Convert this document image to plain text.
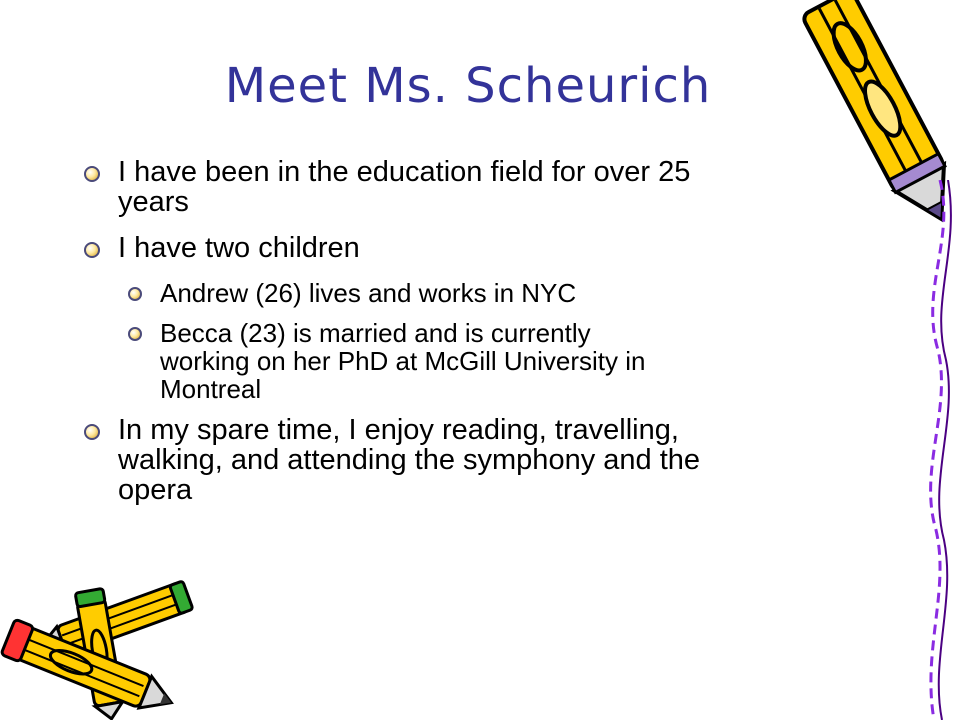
Meet Ms. Scheurich
I have been in the education field for over 25
years
I have two children
Andrew (26) lives and works in NYC
Becca (23) is married and is currently
working on her PhD at McGill University in
Montreal
In my spare time, I enjoy reading, travelling,
walking, and attending the symphony and the
opera
